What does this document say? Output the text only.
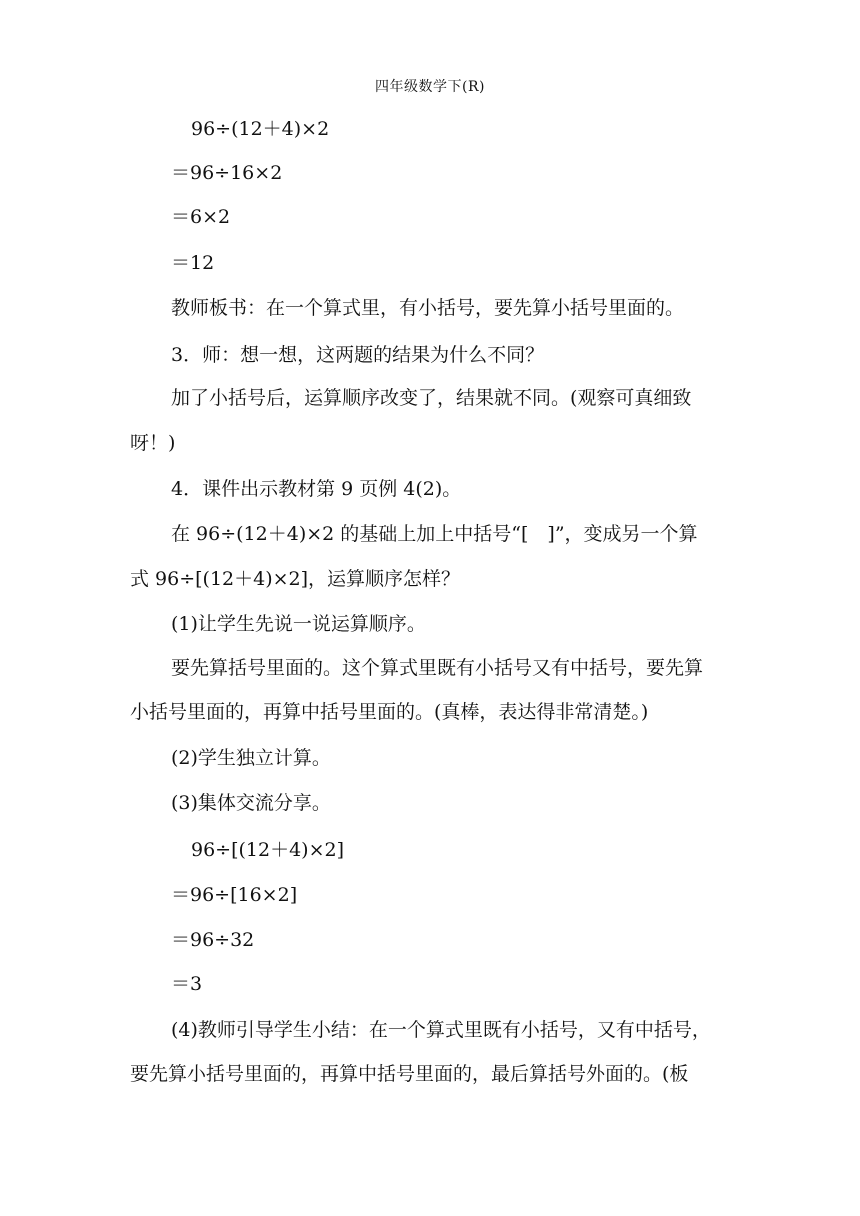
四年级数学下(R)
96÷(12＋4)×2
＝96÷16×2
＝6×2
＝12
教师板书：在一个算式里，有小括号，要先算小括号里面的。
3．师：想一想，这两题的结果为什么不同？
加了小括号后，运算顺序改变了，结果就不同。(观察可真细致
呀！)
4．课件出示教材第 9 页例 4(2)。
在 96÷(12＋4)×2 的基础上加上中括号“[　]”，变成另一个算
式 96÷[(12＋4)×2]，运算顺序怎样？
(1)让学生先说一说运算顺序。
要先算括号里面的。这个算式里既有小括号又有中括号，要先算
小括号里面的，再算中括号里面的。(真棒，表达得非常清楚。)
(2)学生独立计算。
(3)集体交流分享。
96÷[(12＋4)×2]
＝96÷[16×2]
＝96÷32
＝3
(4)教师引导学生小结：在一个算式里既有小括号，又有中括号，
要先算小括号里面的，再算中括号里面的，最后算括号外面的。(板
